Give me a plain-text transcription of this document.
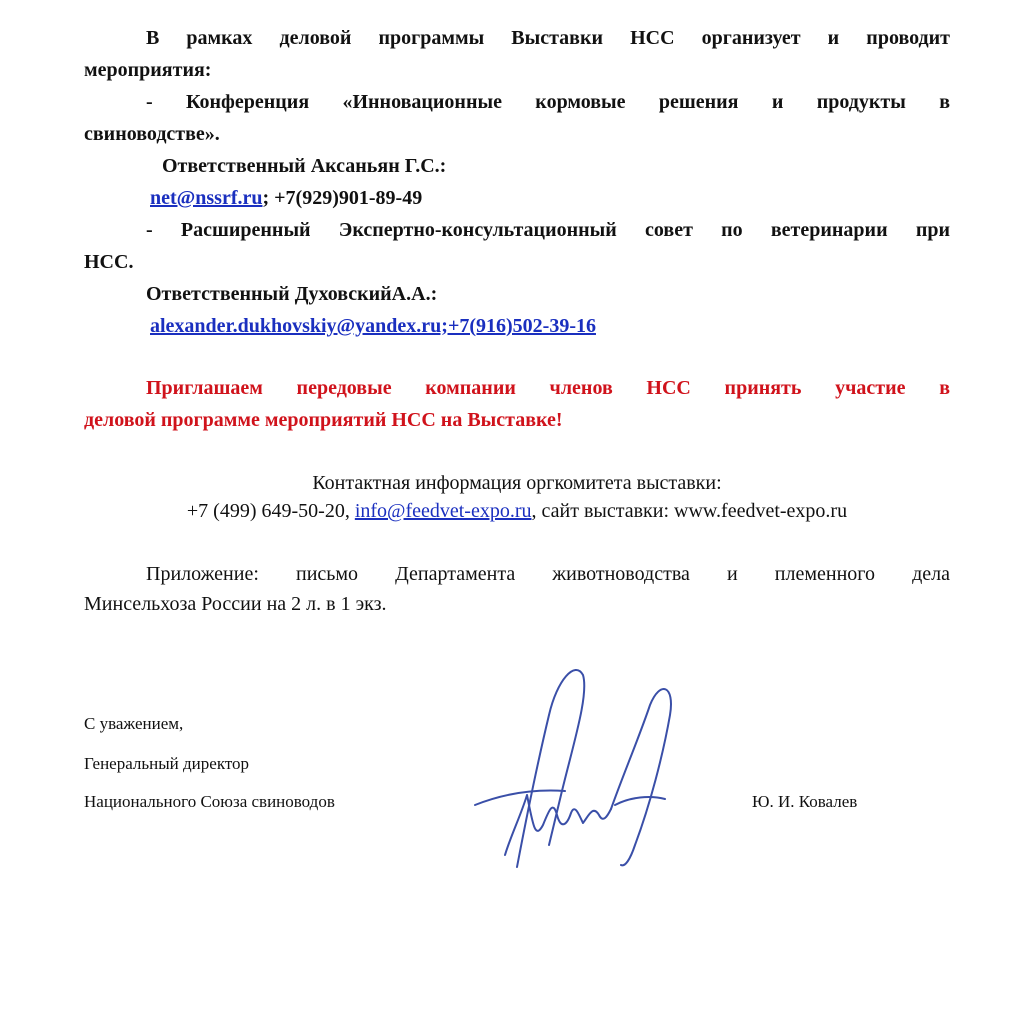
В рамках деловой программы Выставки НСС организует и проводит
мероприятия:
- Конференция «Инновационные кормовые решения и продукты в
свиноводстве».
Ответственный Аксаньян Г.С.:
net@nssrf.ru; +7(929)901-89-49
- Расширенный Экспертно-консультационный совет по ветеринарии при
НСС.
Ответственный ДуховскийА.А.:
alexander.dukhovskiy@yandex.ru;+7(916)502-39-16
Приглашаем передовые компании членов НСС принять участие в
деловой программе мероприятий НСС на Выставке!
Контактная информация оргкомитета выставки:
+7 (499) 649-50-20, info@feedvet-expo.ru, сайт выставки: www.feedvet-expo.ru
Приложение: письмо Департамента животноводства и племенного дела
Минсельхоза России на 2 л. в 1 экз.
С уважением,
Генеральный директор
Национального Союза свиноводов	Ю. И. Ковалев
